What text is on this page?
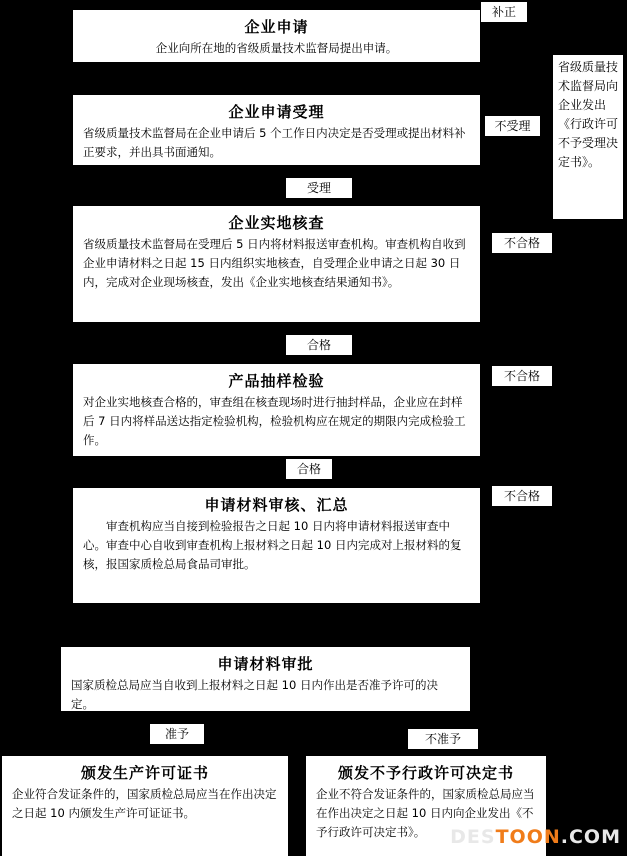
企业申请
企业向所在地的省级质量技术监督局提出申请。
补正
企业申请受理
省级质量技术监督局在企业申请后 5 个工作日内决定是否受理或提出材料补正要求，并出具书面通知。
不受理
省级质量技术监督局向企业发出《行政许可不予受理决定书》。
受理
企业实地核查
省级质量技术监督局在受理后 5 日内将材料报送审查机构。审查机构自收到企业申请材料之日起 15 日内组织实地核查，自受理企业申请之日起 30 日内，完成对企业现场核查，发出《企业实地核查结果通知书》。
不合格
合格
产品抽样检验
对企业实地核查合格的，审查组在核查现场时进行抽封样品，企业应在封样后 7 日内将样品送达指定检验机构，检验机构应在规定的期限内完成检验工作。
不合格
合格
申请材料审核、汇总
审查机构应当自接到检验报告之日起 10 日内将申请材料报送审查中心。审查中心自收到审查机构上报材料之日起 10 日内完成对上报材料的复核，报国家质检总局食品司审批。
不合格
申请材料审批
国家质检总局应当自收到上报材料之日起 10 日内作出是否准予许可的决定。
准予	不准予
颁发生产许可证书
企业符合发证条件的，国家质检总局应当在作出决定之日起 10 内颁发生产许可证证书。
颁发不予行政许可决定书
企业不符合发证条件的，国家质检总局应当在作出决定之日起 10 日内向企业发出《不予行政许可决定书》。	DESTOON.COM
